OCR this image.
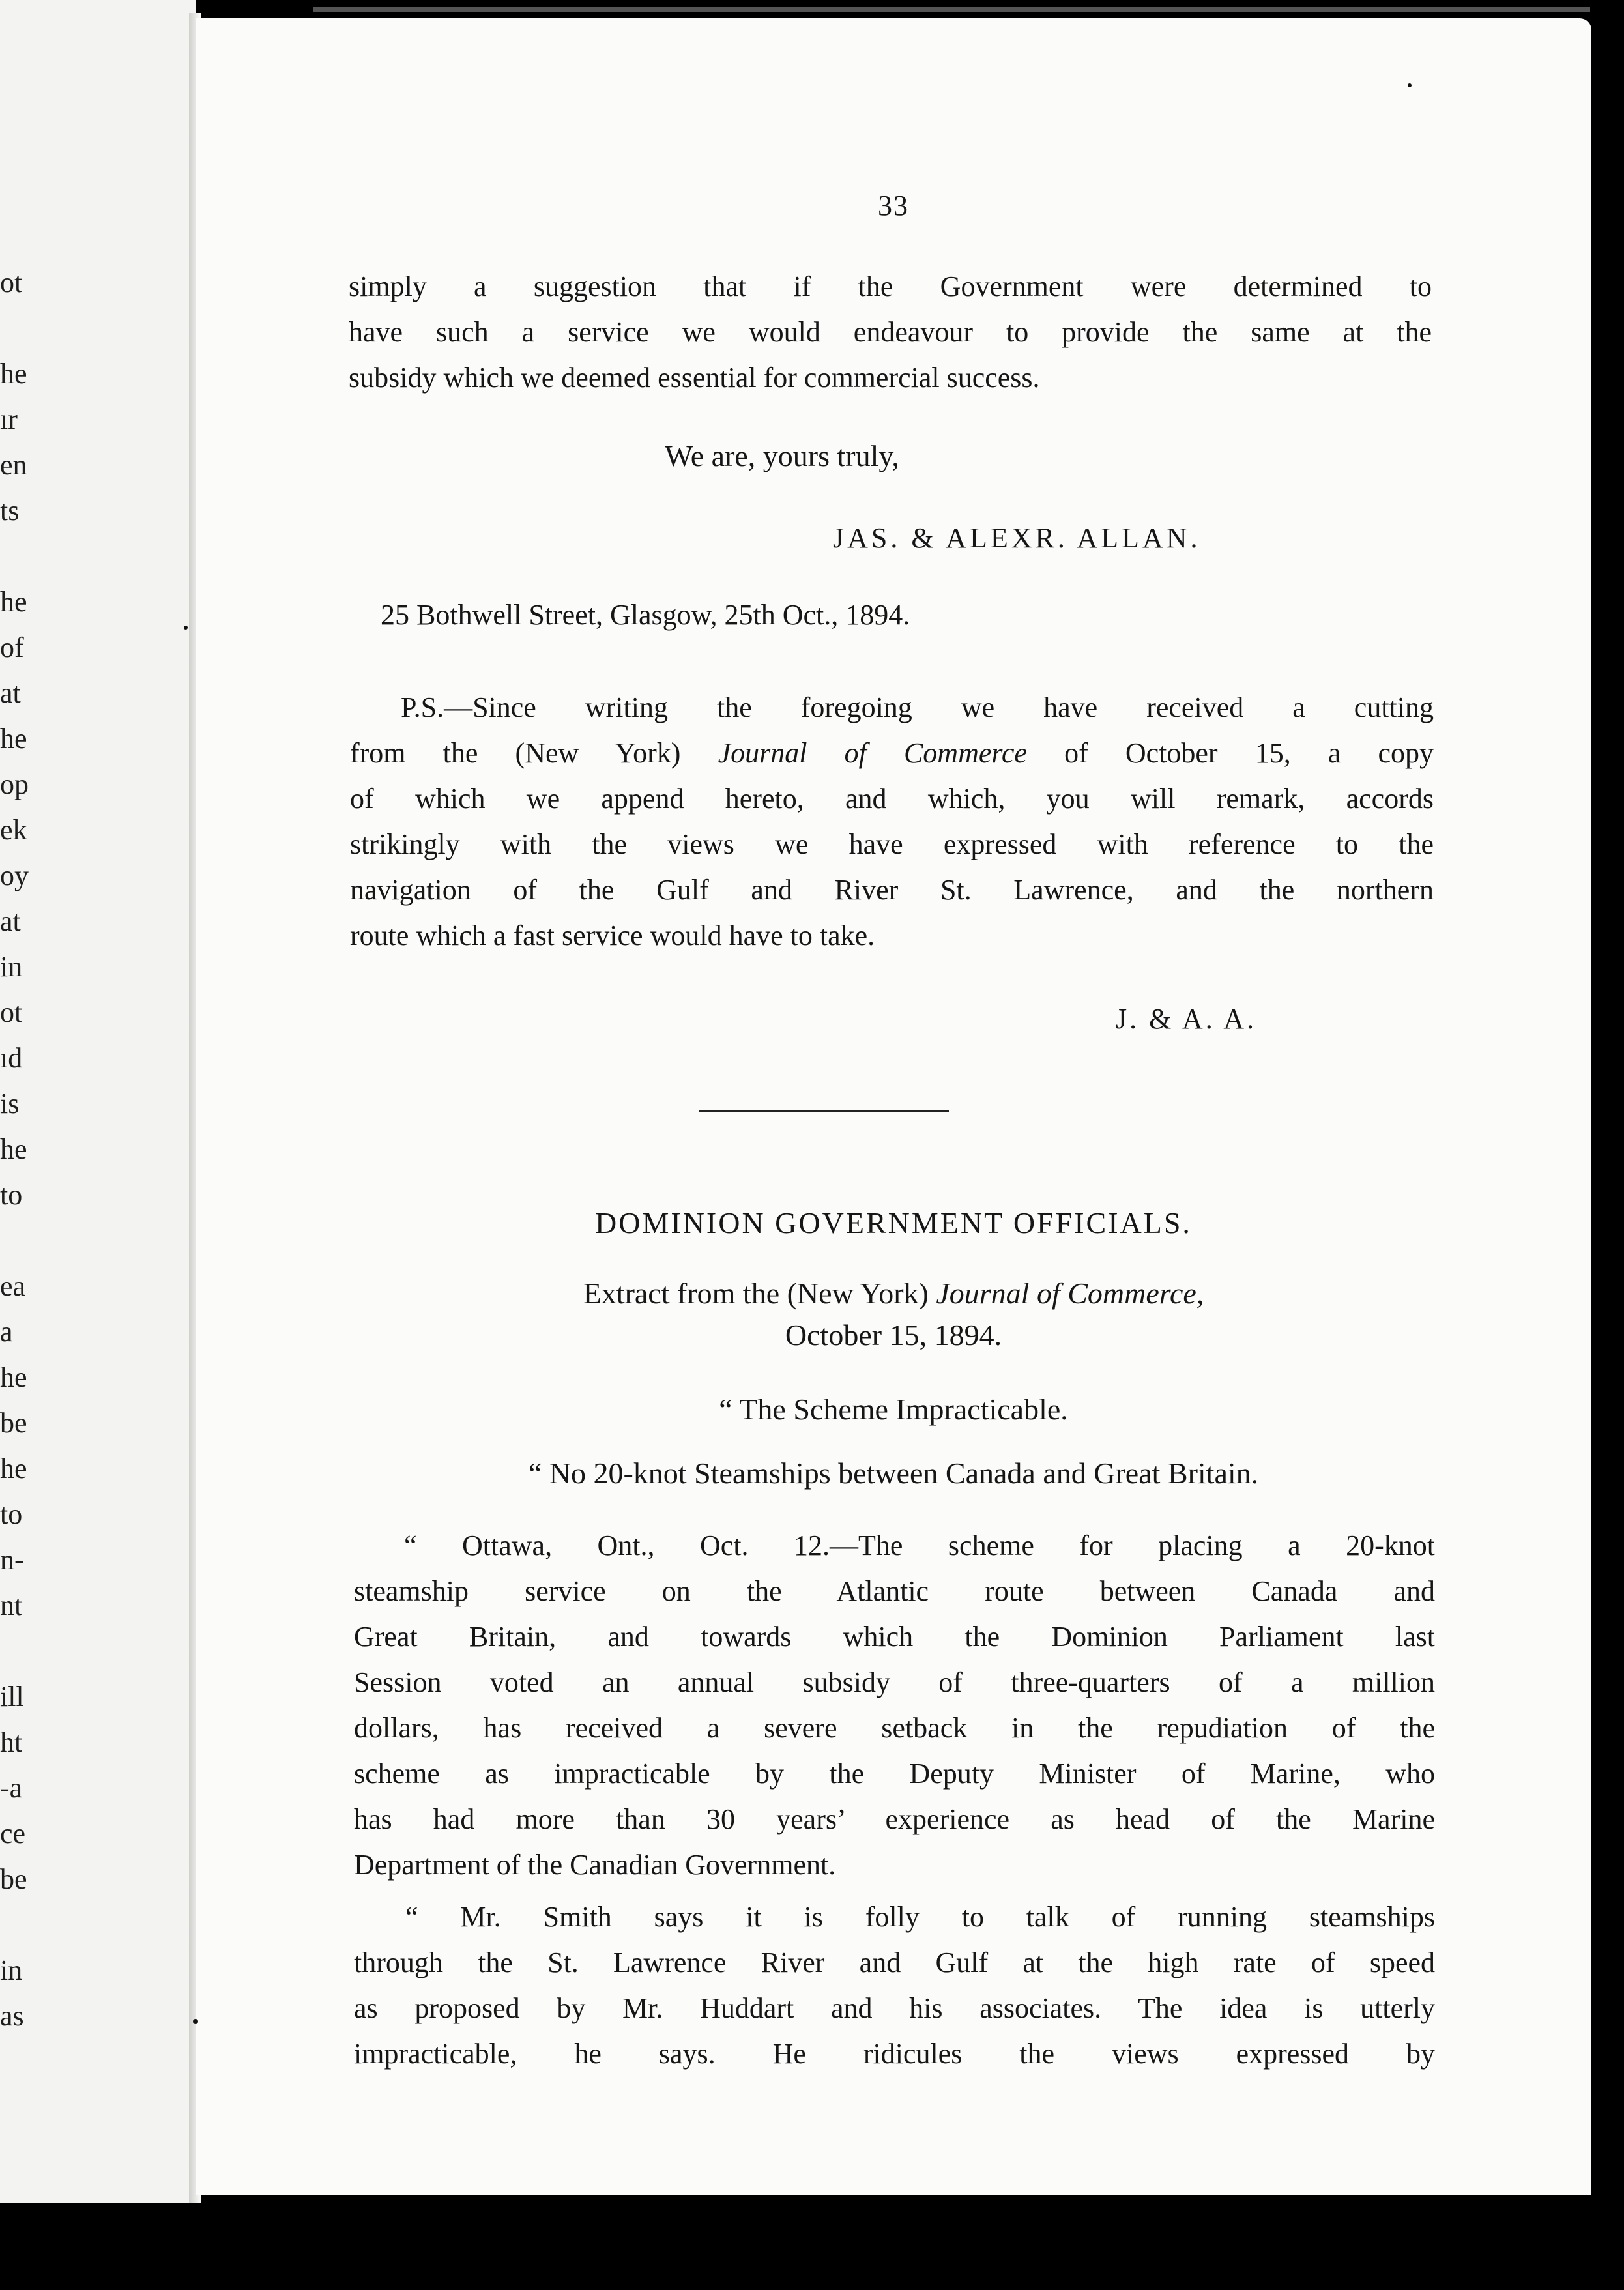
ot
he
ır
en
ts
he
of
at
he
op
ek
oy
at
in
ot
ıd
is
he
to
ea
a
he
be
he
to
n-
nt
ill
ht
-a
ce
be
in
as
33
simply a suggestion that if the Government were determined to
have such a service we would endeavour to provide the same at the
subsidy which we deemed essential for commercial success.
We are, yours truly,
JAS. & ALEXR. ALLAN.
25 Bothwell Street, Glasgow, 25th Oct., 1894.
P.S.—Since writing the foregoing we have received a cutting
from the (New York) Journal of Commerce of October 15, a copy
of which we append hereto, and which, you will remark, accords
strikingly with the views we have expressed with reference to the
navigation of the Gulf and River St. Lawrence, and the northern
route which a fast service would have to take.
J. & A. A.
DOMINION GOVERNMENT OFFICIALS.
Extract from the (New York) Journal of Commerce,
October 15, 1894.
“ The Scheme Impracticable.
“ No 20-knot Steamships between Canada and Great Britain.
“ Ottawa, Ont., Oct. 12.—The scheme for placing a 20-knot
steamship service on the Atlantic route between Canada and
Great Britain, and towards which the Dominion Parliament last
Session voted an annual subsidy of three-quarters of a million
dollars, has received a severe setback in the repudiation of the
scheme as impracticable by the Deputy Minister of Marine, who
has had more than 30 years’ experience as head of the Marine
Department of the Canadian Government.
“ Mr. Smith says it is folly to talk of running steamships
through the St. Lawrence River and Gulf at the high rate of speed
as proposed by Mr. Huddart and his associates. The idea is utterly
impracticable, he says. He ridicules the views expressed by
